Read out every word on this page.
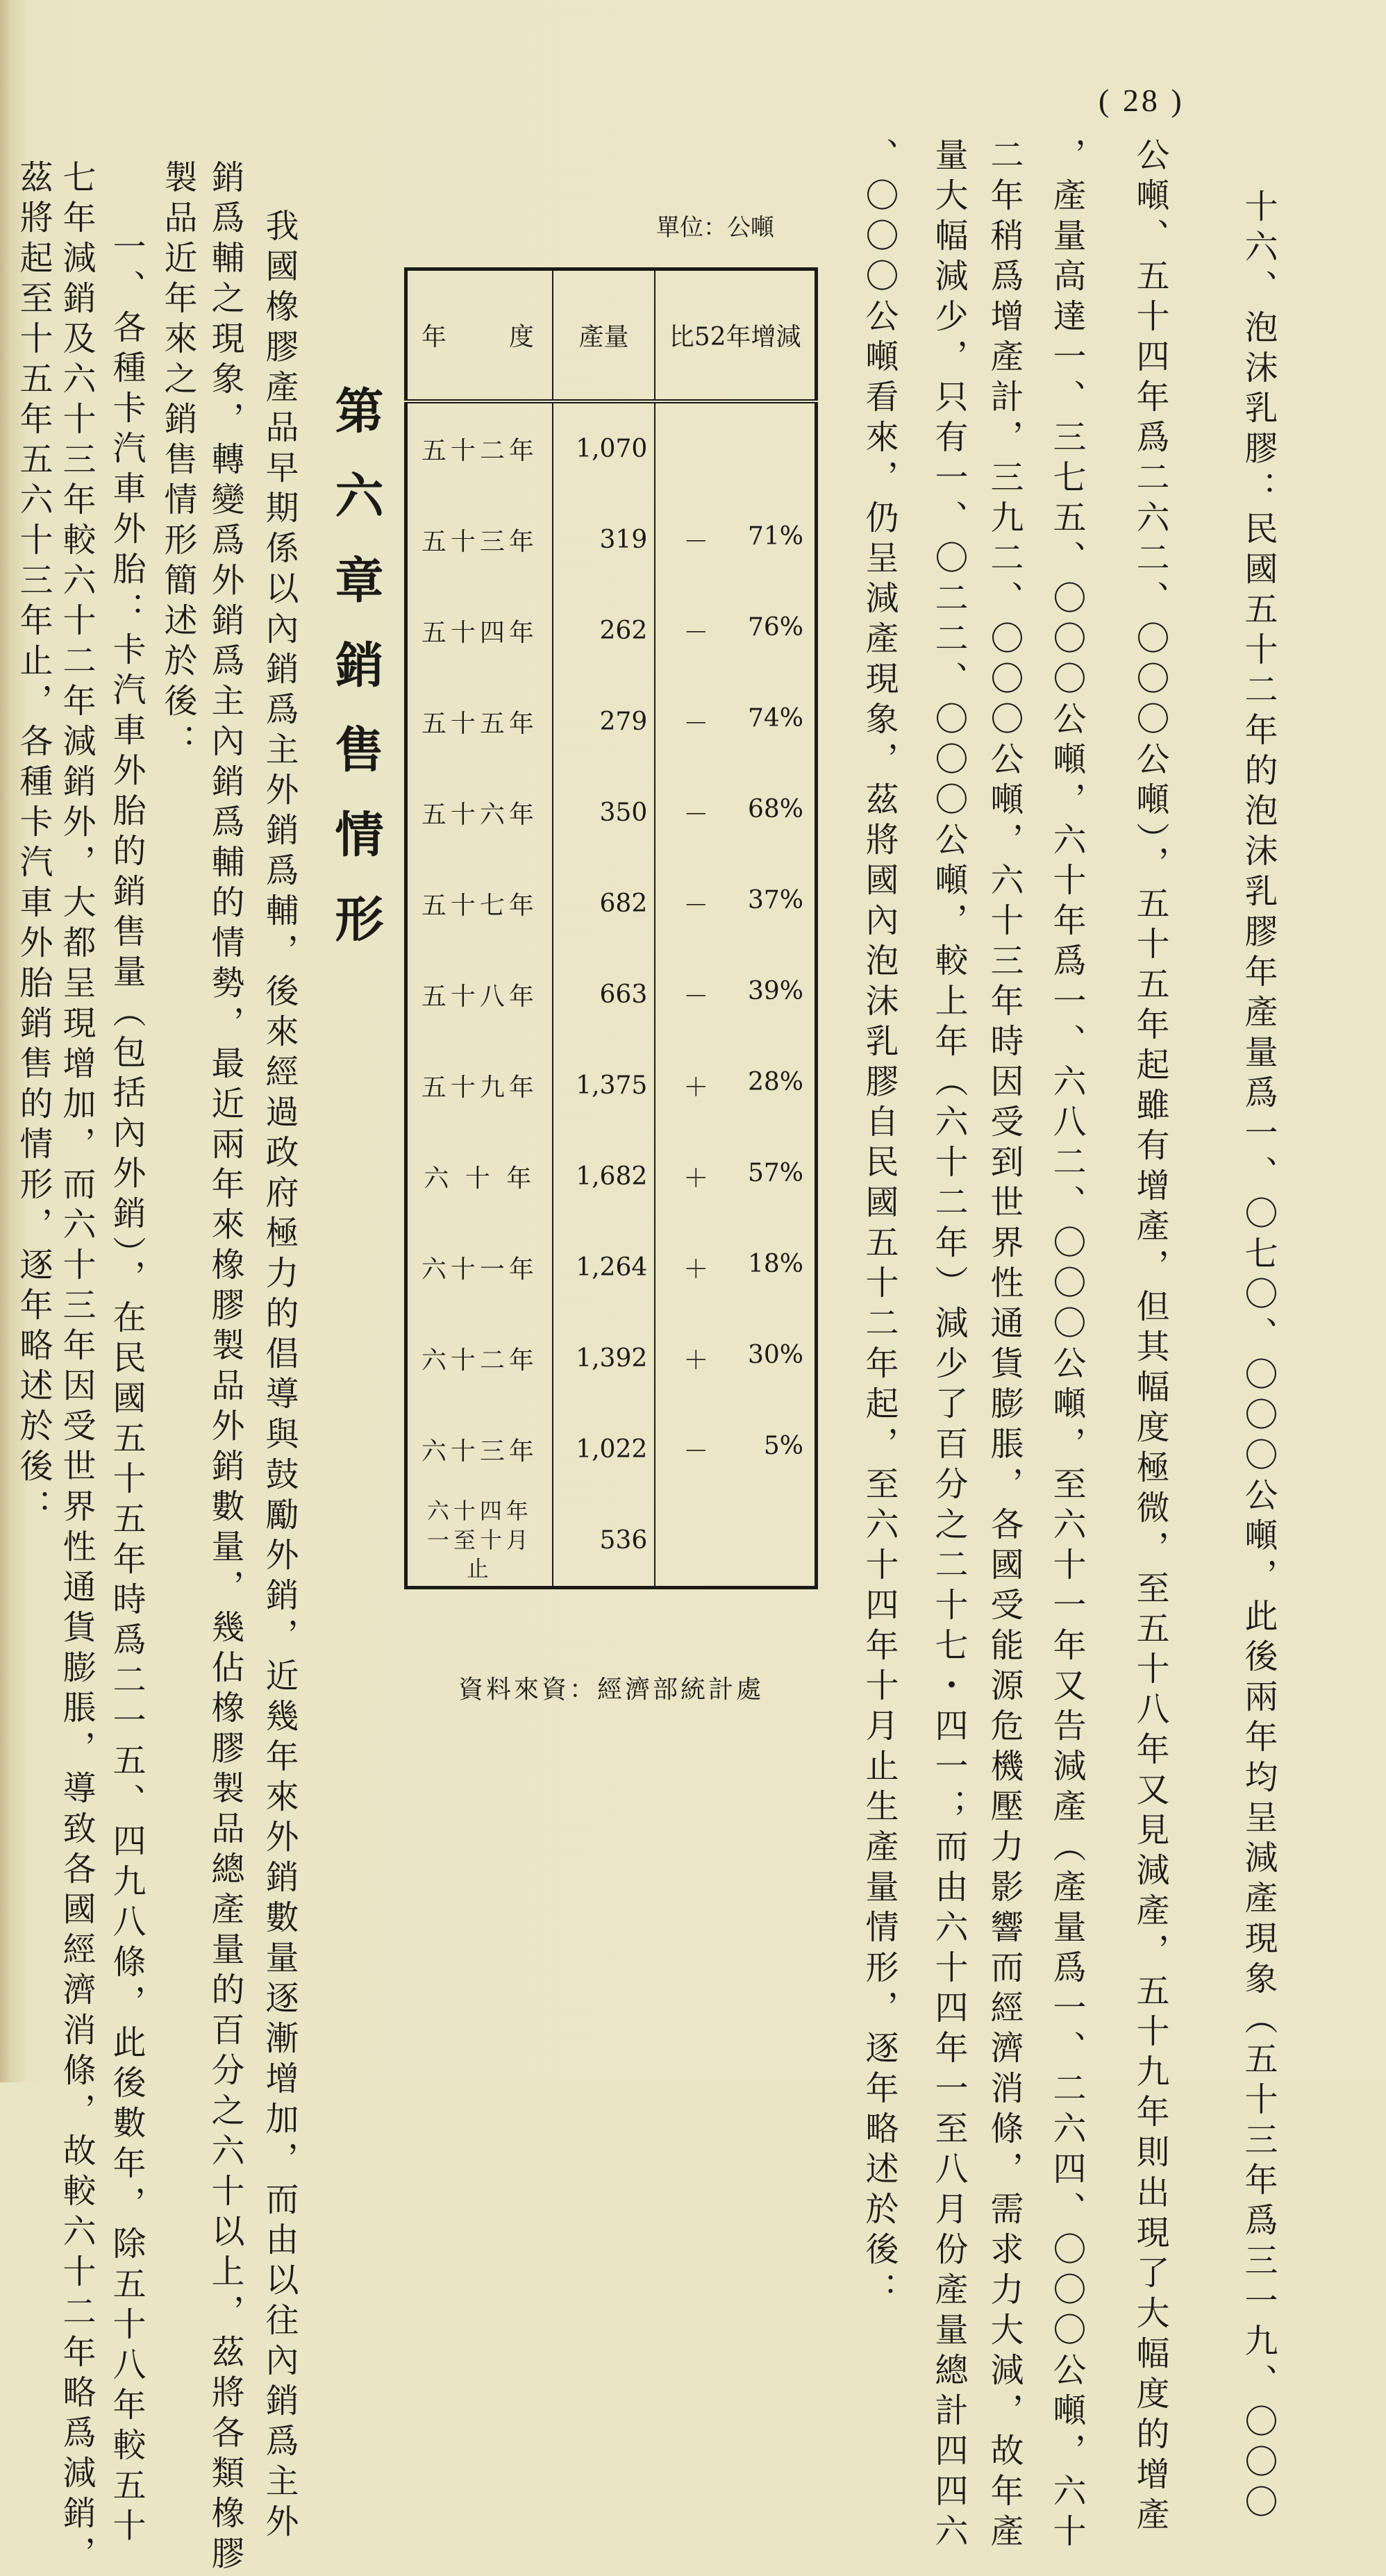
( 28 )
十六、泡沫乳膠：民國五十二年的泡沫乳膠年產量爲一、〇七〇、〇〇〇公噸，此後兩年均呈減產現象（五十三年爲三一九、〇〇〇
公噸、五十四年爲二六二、〇〇〇公噸），五十五年起雖有增產，但其幅度極微，至五十八年又見減產，五十九年則出現了大幅度的增產
，產量高達一、三七五、〇〇〇公噸，六十年爲一、六八二、〇〇〇公噸，至六十一年又告減產（產量爲一、二六四、〇〇〇公噸，六十
二年稍爲增產計，三九二、〇〇〇公噸，六十三年時因受到世界性通貨膨脹，各國受能源危機壓力影響而經濟消條，需求力大減，故年產
量大幅減少，只有一、〇二二、〇〇〇公噸，較上年（六十二年）減少了百分之二十七・四一；而由六十四年一至八月份產量總計四四六
、〇〇〇公噸看來，仍呈減產現象，茲將國內泡沫乳膠自民國五十二年起，至六十四年十月止生產量情形，逐年略述於後：
單位：公噸
年　　度	產量	比52年增減
五十二年	1,070	

五十三年	319	－ 71%

五十四年	262	－ 76%

五十五年	279	－ 74%

五十六年	350	－ 68%

五十七年	682	－ 37%

五十八年	663	－ 39%

五十九年	1,375	＋ 28%

六 十 年	1,682	＋ 57%

六十一年	1,264	＋ 18%

六十二年	1,392	＋ 30%

六十三年	1,022	－ 5%

六十四年 一至十月止	536	
資料來資：經濟部統計處
第六章銷售情形
我國橡膠產品早期係以內銷爲主外銷爲輔，後來經過政府極力的倡導與鼓勵外銷，近幾年來外銷數量逐漸增加，而由以往內銷爲主外
銷爲輔之現象，轉變爲外銷爲主內銷爲輔的情勢，最近兩年來橡膠製品外銷數量，幾佔橡膠製品總產量的百分之六十以上，茲將各類橡膠
製品近年來之銷售情形簡述於後：
一、各種卡汽車外胎：卡汽車外胎的銷售量（包括內外銷），在民國五十五年時爲二一五、四九八條，此後數年，除五十八年較五十
七年減銷及六十三年較六十二年減銷外，大都呈現增加，而六十三年因受世界性通貨膨脹，導致各國經濟消條，故較六十二年略爲減銷，
茲將起至十五年五六十三年止，各種卡汽車外胎銷售的情形，逐年略述於後：
